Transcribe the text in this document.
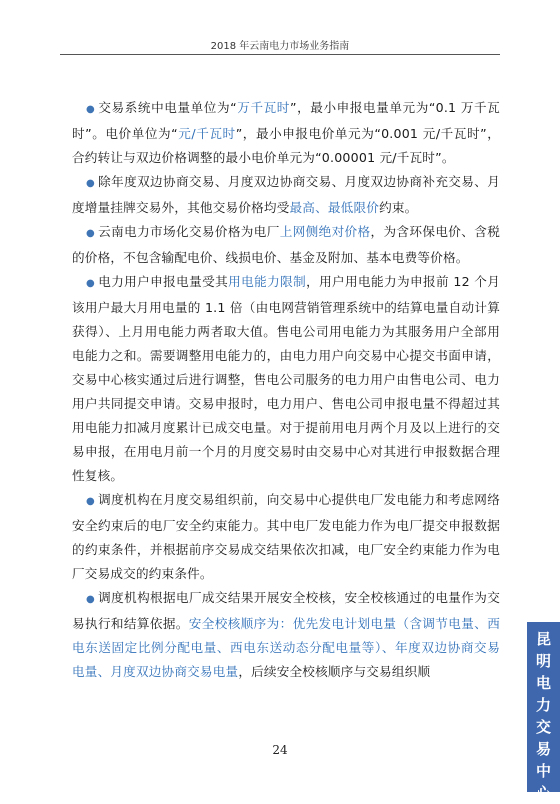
2018 年云南电力市场业务指南

● 交易系统中电量单位为“万千瓦时”，最小申报电量单元为“0.1 万千瓦时”。电价单位为“元/千瓦时”，最小申报电价单元为“0.001 元/千瓦时”，合约转让与双边价格调整的最小电价单元为“0.00001 元/千瓦时”。

● 除年度双边协商交易、月度双边协商交易、月度双边协商补充交易、月度增量挂牌交易外，其他交易价格均受最高、最低限价约束。

● 云南电力市场化交易价格为电厂上网侧绝对价格，为含环保电价、含税的价格，不包含输配电价、线损电价、基金及附加、基本电费等价格。

● 电力用户申报电量受其用电能力限制，用户用电能力为申报前 12 个月该用户最大月用电量的 1.1 倍（由电网营销管理系统中的结算电量自动计算获得）、上月用电能力两者取大值。售电公司用电能力为其服务用户全部用电能力之和。需要调整用电能力的，由电力用户向交易中心提交书面申请，交易中心核实通过后进行调整，售电公司服务的电力用户由售电公司、电力用户共同提交申请。交易申报时，电力用户、售电公司申报电量不得超过其用电能力扣减月度累计已成交电量。对于提前用电月两个月及以上进行的交易申报，在用电月前一个月的月度交易时由交易中心对其进行申报数据合理性复核。

● 调度机构在月度交易组织前，向交易中心提供电厂发电能力和考虑网络安全约束后的电厂安全约束能力。其中电厂发电能力作为电厂提交申报数据的约束条件，并根据前序交易成交结果依次扣减，电厂安全约束能力作为电厂交易成交的约束条件。

● 调度机构根据电厂成交结果开展安全校核，安全校核通过的电量作为交易执行和结算依据。安全校核顺序为：优先发电计划电量（含调节电量、西电东送固定比例分配电量、西电东送动态分配电量等）、年度双边协商交易电量、月度双边协商交易电量，后续安全校核顺序与交易组织顺

24
昆
明
电
力
交
易
中
心
